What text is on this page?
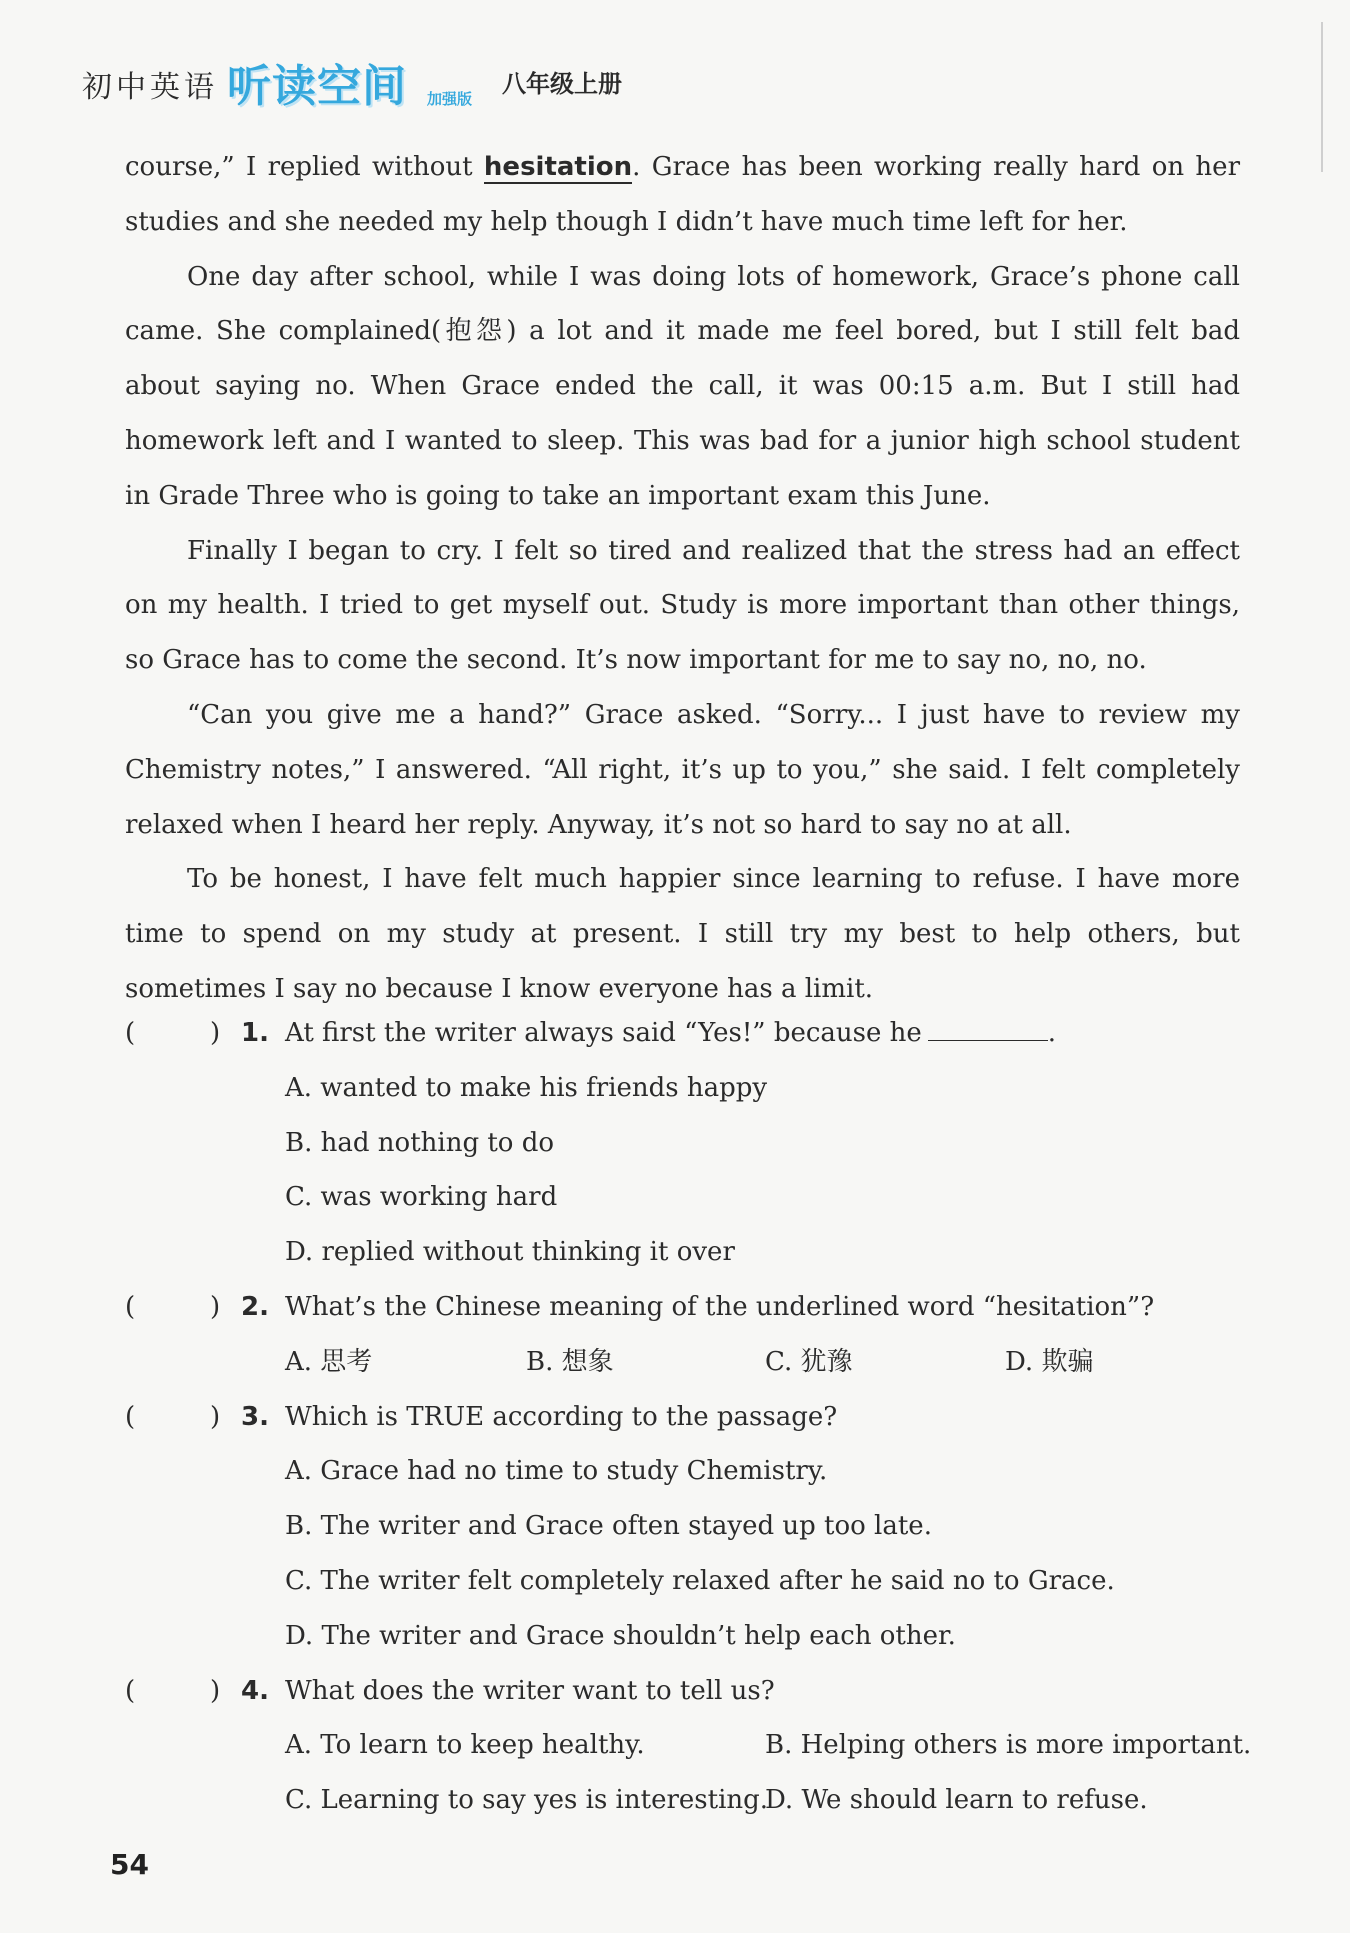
初中英语 听读空间 加强版
八年级上册

course,” I replied without hesitation. Grace has been working really hard on her studies and she needed my help though I didn’t have much time left for her.

One day after school, while I was doing lots of homework, Grace’s phone call came. She complained(抱怨) a lot and it made me feel bored, but I still felt bad about saying no. When Grace ended the call, it was 00:15 a.m. But I still had homework left and I wanted to sleep. This was bad for a junior high school student in Grade Three who is going to take an important exam this June.

Finally I began to cry. I felt so tired and realized that the stress had an effect on my health. I tried to get myself out. Study is more important than other things, so Grace has to come the second. It’s now important for me to say no, no, no.

“Can you give me a hand?” Grace asked. “Sorry... I just have to review my Chemistry notes,” I answered. “All right, it’s up to you,” she said. I felt completely relaxed when I heard her reply. Anyway, it’s not so hard to say no at all.

To be honest, I have felt much happier since learning to refuse. I have more time to spend on my study at present. I still try my best to help others, but sometimes I say no because I know everyone has a limit.

(	) 1. At first the writer always said “Yes!” because he	.
A. wanted to make his friends happy
B. had nothing to do
C. was working hard
D. replied without thinking it over
(	) 2. What’s the Chinese meaning of the underlined word “hesitation”?
A. 思考	B. 想象	C. 犹豫	D. 欺骗
(	) 3. Which is TRUE according to the passage?
A. Grace had no time to study Chemistry.
B. The writer and Grace often stayed up too late.
C. The writer felt completely relaxed after he said no to Grace.
D. The writer and Grace shouldn’t help each other.
(	) 4. What does the writer want to tell us?
A. To learn to keep healthy.	B. Helping others is more important.
C. Learning to say yes is interesting.
D. We should learn to refuse.
54
